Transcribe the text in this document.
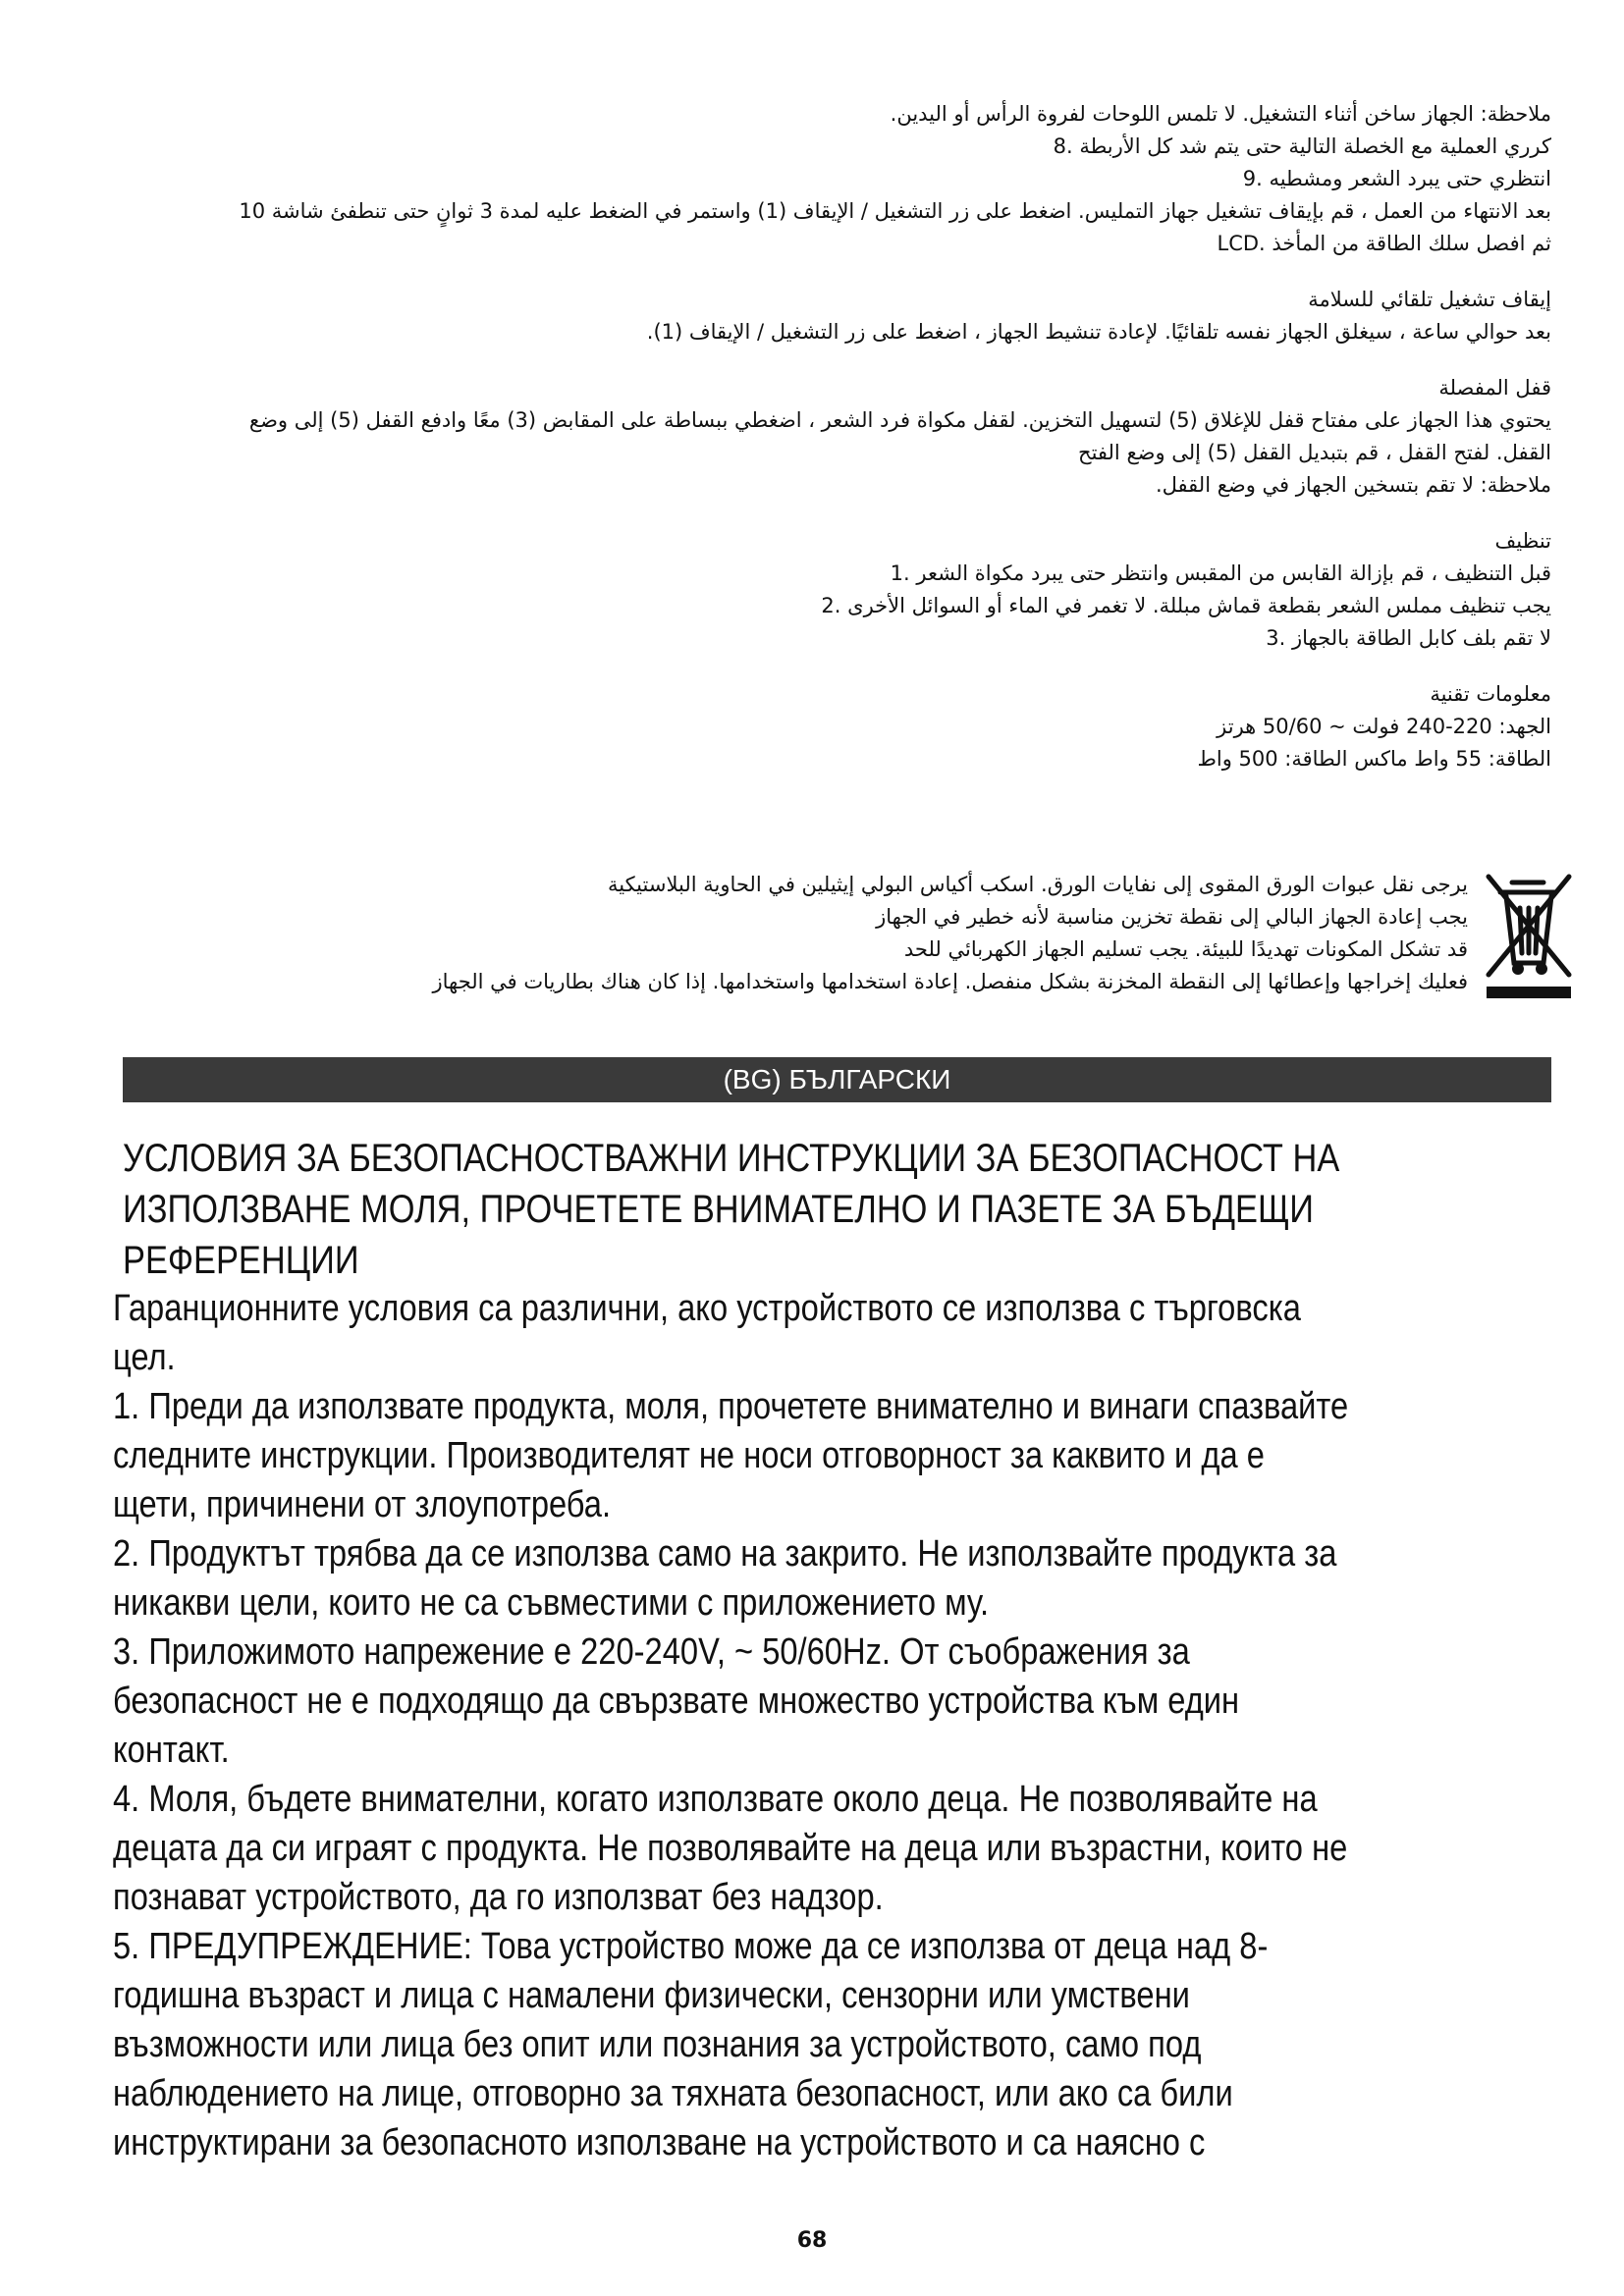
ملاحظة: الجهاز ساخن أثناء التشغيل. لا تلمس اللوحات لفروة الرأس أو اليدين.
كرري العملية مع الخصلة التالية حتى يتم شد كل الأربطة .8
انتظري حتى يبرد الشعر ومشطيه .9
بعد الانتهاء من العمل ، قم بإيقاف تشغيل جهاز التمليس. اضغط على زر التشغيل / الإيقاف (1) واستمر في الضغط عليه لمدة 3 ثوانٍ حتى تنطفئ شاشة 10
ثم افصل سلك الطاقة من المأخذ .LCD
إيقاف تشغيل تلقائي للسلامة
بعد حوالي ساعة ، سيغلق الجهاز نفسه تلقائيًا. لإعادة تنشيط الجهاز ، اضغط على زر التشغيل / الإيقاف (1).
قفل المفصلة
يحتوي هذا الجهاز على مفتاح قفل للإغلاق (5) لتسهيل التخزين. لقفل مكواة فرد الشعر ، اضغطي ببساطة على المقابض (3) معًا وادفع القفل (5) إلى وضع
القفل. لفتح القفل ، قم بتبديل القفل (5) إلى وضع الفتح
ملاحظة: لا تقم بتسخين الجهاز في وضع القفل.
تنظيف
قبل التنظيف ، قم بإزالة القابس من المقبس وانتظر حتى يبرد مكواة الشعر .1
يجب تنظيف مملس الشعر بقطعة قماش مبللة. لا تغمر في الماء أو السوائل الأخرى .2
لا تقم بلف كابل الطاقة بالجهاز .3
معلومات تقنية
الجهد: 220-240 فولت ~ 50/60 هرتز
الطاقة: 55 واط ماكس الطاقة: 500 واط
يرجى نقل عبوات الورق المقوى إلى نفايات الورق. اسكب أكياس البولي إيثيلين في الحاوية البلاستيكية
يجب إعادة الجهاز البالي إلى نقطة تخزين مناسبة لأنه خطير في الجهاز
قد تشكل المكونات تهديدًا للبيئة. يجب تسليم الجهاز الكهربائي للحد
فعليك إخراجها وإعطائها إلى النقطة المخزنة بشكل منفصل. إعادة استخدامها واستخدامها. إذا كان هناك بطاريات في الجهاز
(BG) БЪЛГАРСКИ
УСЛОВИЯ ЗА БЕЗОПАСНОСТВАЖНИ ИНСТРУКЦИИ ЗА БЕЗОПАСНОСТ НА
ИЗПОЛЗВАНЕ МОЛЯ, ПРОЧЕТЕТЕ ВНИМАТЕЛНО И ПАЗЕТЕ ЗА БЪДЕЩИ
РЕФЕРЕНЦИИ
Гаранционните условия са различни, ако устройството се използва с търговска
цел.
1. Преди да използвате продукта, моля, прочетете внимателно и винаги спазвайте
следните инструкции. Производителят не носи отговорност за каквито и да е
щети, причинени от злоупотреба.
2. Продуктът трябва да се използва само на закрито. Не използвайте продукта за
никакви цели, които не са съвместими с приложението му.
3. Приложимото напрежение е 220-240V, ~ 50/60Hz. От съображения за
безопасност не е подходящо да свързвате множество устройства към един
контакт.
4. Моля, бъдете внимателни, когато използвате около деца. Не позволявайте на
децата да си играят с продукта. Не позволявайте на деца или възрастни, които не
познават устройството, да го използват без надзор.
5. ПРЕДУПРЕЖДЕНИЕ: Това устройство може да се използва от деца над 8-
годишна възраст и лица с намалени физически, сензорни или умствени
възможности или лица без опит или познания за устройството, само под
наблюдението на лице, отговорно за тяхната безопасност, или ако са били
инструктирани за безопасното използване на устройството и са наясно с
68
